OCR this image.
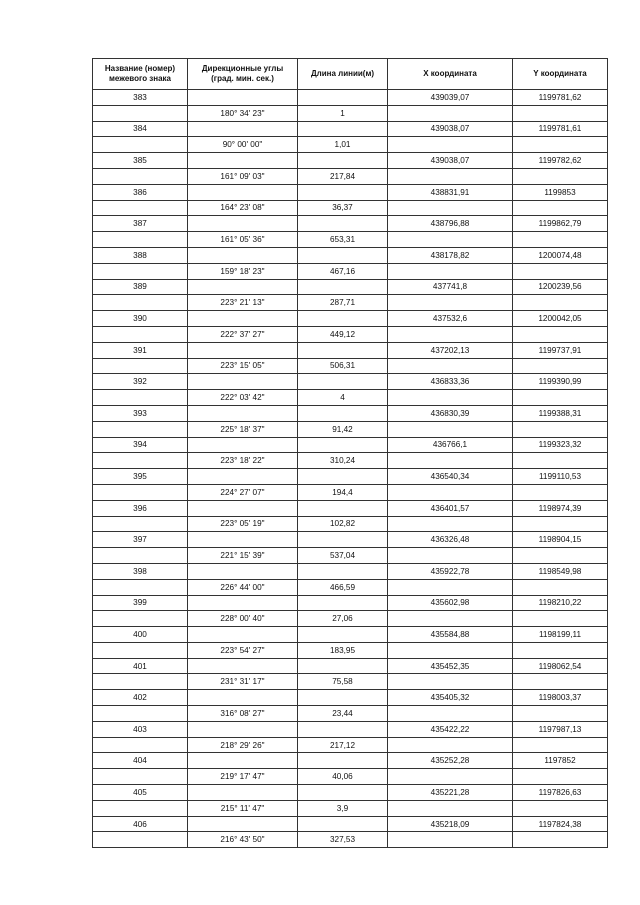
Название (номер)
межевого знака	Дирекционные углы
(град. мин. сек.)	Длина линии(м)	X координата	Y координата
383			439039,07	1199781,62
	180° 34' 23"	1		
384			439038,07	1199781,61
	90° 00' 00"	1,01		
385			439038,07	1199782,62
	161° 09' 03"	217,84		
386			438831,91	1199853
	164° 23' 08"	36,37		
387			438796,88	1199862,79
	161° 05' 36"	653,31		
388			438178,82	1200074,48
	159° 18' 23"	467,16		
389			437741,8	1200239,56
	223° 21' 13"	287,71		
390			437532,6	1200042,05
	222° 37' 27"	449,12		
391			437202,13	1199737,91
	223° 15' 05"	506,31		
392			436833,36	1199390,99
	222° 03' 42"	4		
393			436830,39	1199388,31
	225° 18' 37"	91,42		
394			436766,1	1199323,32
	223° 18' 22"	310,24		
395			436540,34	1199110,53
	224° 27' 07"	194,4		
396			436401,57	1198974,39
	223° 05' 19"	102,82		
397			436326,48	1198904,15
	221° 15' 39"	537,04		
398			435922,78	1198549,98
	226° 44' 00"	466,59		
399			435602,98	1198210,22
	228° 00' 40"	27,06		
400			435584,88	1198199,11
	223° 54' 27"	183,95		
401			435452,35	1198062,54
	231° 31' 17"	75,58		
402			435405,32	1198003,37
	316° 08' 27"	23,44		
403			435422,22	1197987,13
	218° 29' 26"	217,12		
404			435252,28	1197852
	219° 17' 47"	40,06		
405			435221,28	1197826,63
	215° 11' 47"	3,9		
406			435218,09	1197824,38
	216° 43' 50"	327,53		
